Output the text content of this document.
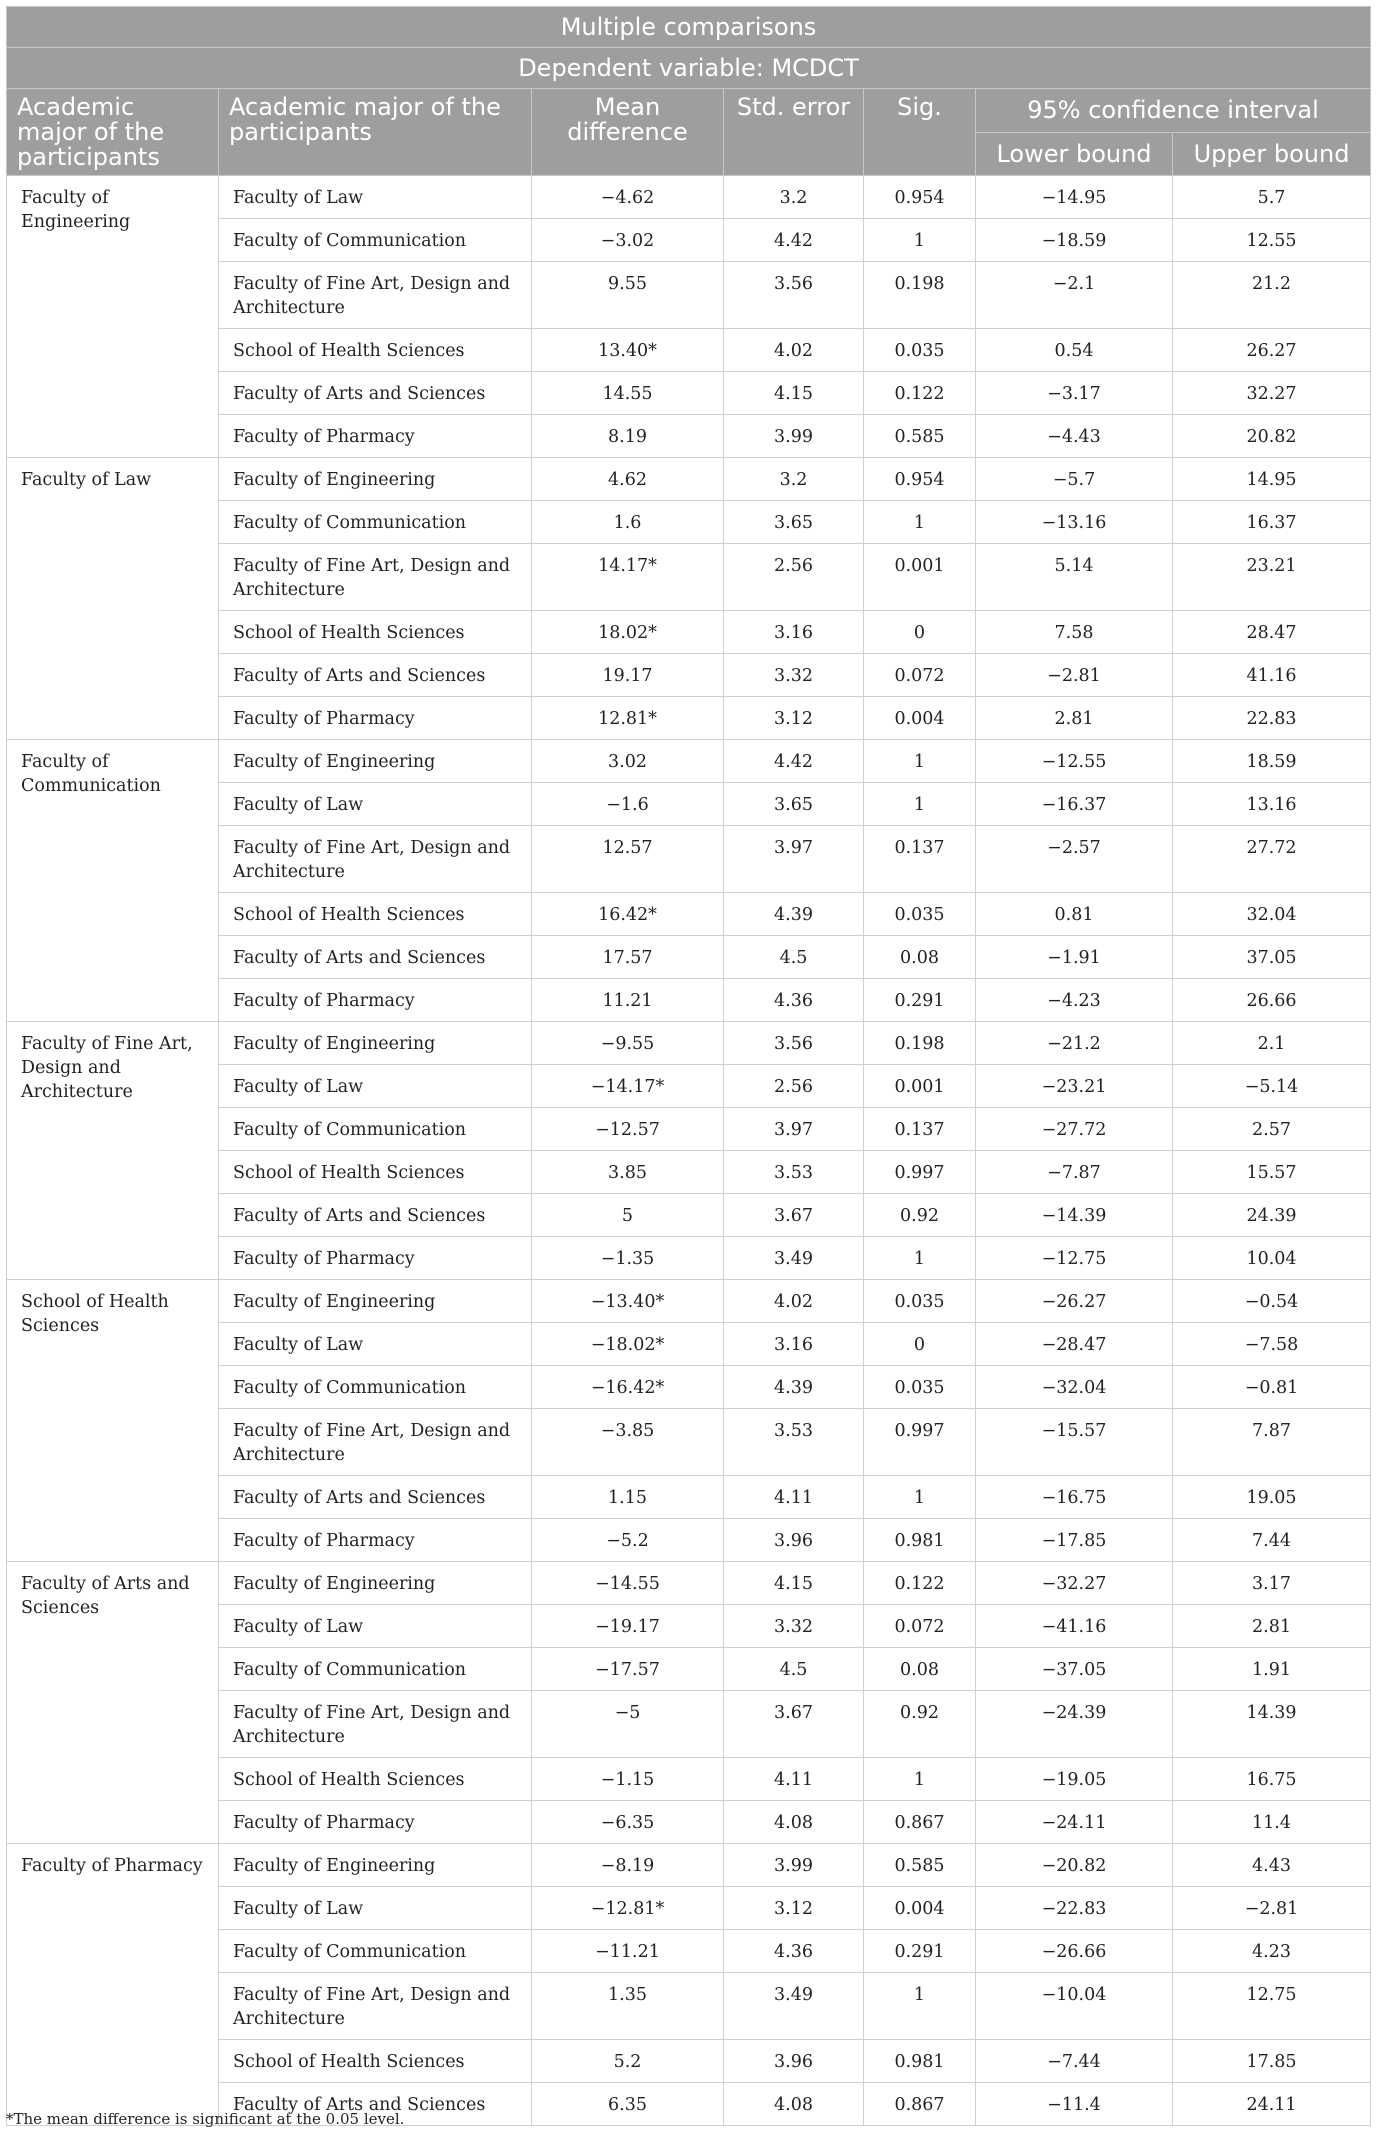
Multiple comparisons						
Dependent variable: MCDCT						
Academic major of the participants	Academic major of the participants	Mean difference	Std. error	Sig.	95% confidence interval	
					Lower bound	Upper bound
Faculty of Engineering	Faculty of Law	−4.62	3.2	0.954	−14.95	5.7
	Faculty of Communication	−3.02	4.42	1	−18.59	12.55
	Faculty of Fine Art, Design and Architecture	9.55	3.56	0.198	−2.1	21.2
	School of Health Sciences	13.40*	4.02	0.035	0.54	26.27
	Faculty of Arts and Sciences	14.55	4.15	0.122	−3.17	32.27
	Faculty of Pharmacy	8.19	3.99	0.585	−4.43	20.82
Faculty of Law	Faculty of Engineering	4.62	3.2	0.954	−5.7	14.95
	Faculty of Communication	1.6	3.65	1	−13.16	16.37
	Faculty of Fine Art, Design and Architecture	14.17*	2.56	0.001	5.14	23.21
	School of Health Sciences	18.02*	3.16	0	7.58	28.47
	Faculty of Arts and Sciences	19.17	3.32	0.072	−2.81	41.16
	Faculty of Pharmacy	12.81*	3.12	0.004	2.81	22.83
Faculty of Communication	Faculty of Engineering	3.02	4.42	1	−12.55	18.59
	Faculty of Law	−1.6	3.65	1	−16.37	13.16
	Faculty of Fine Art, Design and Architecture	12.57	3.97	0.137	−2.57	27.72
	School of Health Sciences	16.42*	4.39	0.035	0.81	32.04
	Faculty of Arts and Sciences	17.57	4.5	0.08	−1.91	37.05
	Faculty of Pharmacy	11.21	4.36	0.291	−4.23	26.66
Faculty of Fine Art, Design and Architecture	Faculty of Engineering	−9.55	3.56	0.198	−21.2	2.1
	Faculty of Law	−14.17*	2.56	0.001	−23.21	−5.14
	Faculty of Communication	−12.57	3.97	0.137	−27.72	2.57
	School of Health Sciences	3.85	3.53	0.997	−7.87	15.57
	Faculty of Arts and Sciences	5	3.67	0.92	−14.39	24.39
	Faculty of Pharmacy	−1.35	3.49	1	−12.75	10.04
School of Health Sciences	Faculty of Engineering	−13.40*	4.02	0.035	−26.27	−0.54
	Faculty of Law	−18.02*	3.16	0	−28.47	−7.58
	Faculty of Communication	−16.42*	4.39	0.035	−32.04	−0.81
	Faculty of Fine Art, Design and Architecture	−3.85	3.53	0.997	−15.57	7.87
	Faculty of Arts and Sciences	1.15	4.11	1	−16.75	19.05
	Faculty of Pharmacy	−5.2	3.96	0.981	−17.85	7.44
Faculty of Arts and Sciences	Faculty of Engineering	−14.55	4.15	0.122	−32.27	3.17
	Faculty of Law	−19.17	3.32	0.072	−41.16	2.81
	Faculty of Communication	−17.57	4.5	0.08	−37.05	1.91
	Faculty of Fine Art, Design and Architecture	−5	3.67	0.92	−24.39	14.39
	School of Health Sciences	−1.15	4.11	1	−19.05	16.75
	Faculty of Pharmacy	−6.35	4.08	0.867	−24.11	11.4
Faculty of Pharmacy	Faculty of Engineering	−8.19	3.99	0.585	−20.82	4.43
	Faculty of Law	−12.81*	3.12	0.004	−22.83	−2.81
	Faculty of Communication	−11.21	4.36	0.291	−26.66	4.23
	Faculty of Fine Art, Design and Architecture	1.35	3.49	1	−10.04	12.75
	School of Health Sciences	5.2	3.96	0.981	−7.44	17.85
	Faculty of Arts and Sciences	6.35	4.08	0.867	−11.4	24.11
*The mean difference is significant at the 0.05 level.
